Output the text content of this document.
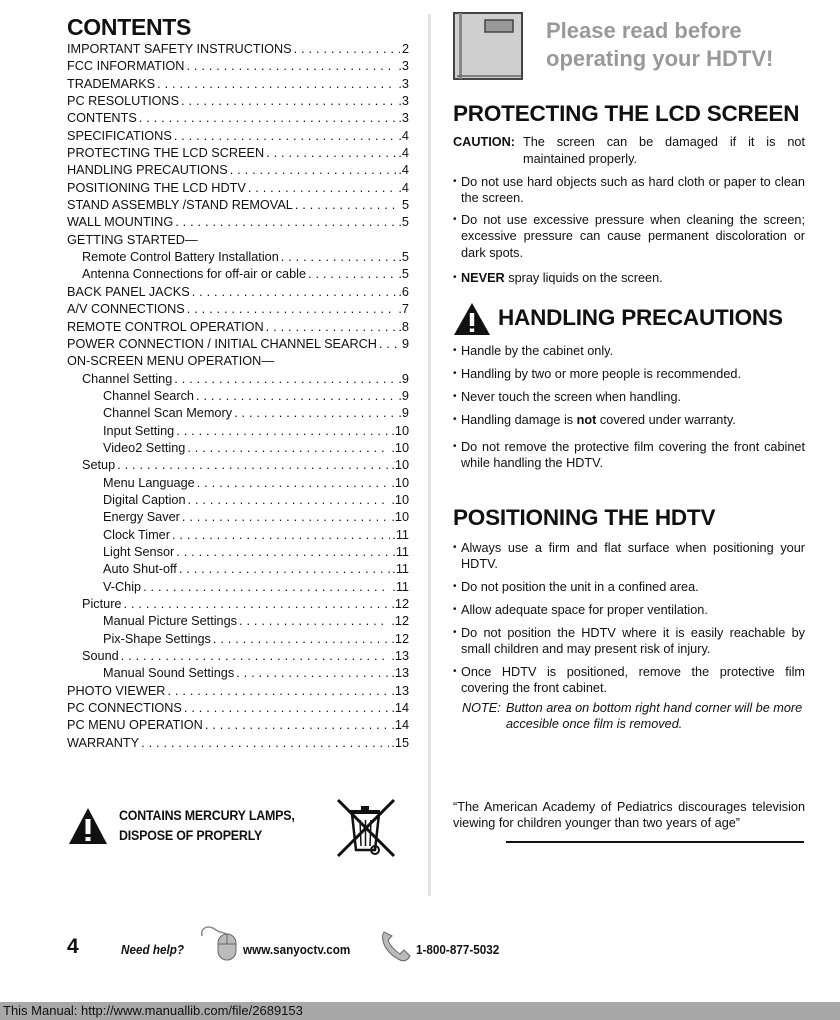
CONTENTS
IMPORTANT SAFETY INSTRUCTIONS . . .	2
FCC INFORMATION . . .	.3
TRADEMARKS . . .	.3
PC RESOLUTIONS . . .	.3
CONTENTS . . .	.3
SPECIFICATIONS . . .	.4
PROTECTING THE LCD SCREEN . . .	.4
HANDLING PRECAUTIONS . . .	.4
POSITIONING THE LCD HDTV . . .	.4
STAND ASSEMBLY /STAND REMOVAL . . .	5
WALL MOUNTING . . .	.5
GETTING STARTED—
Remote Control Battery Installation . . .	.5
Antenna Connections for off-air or cable . . .	.5
BACK PANEL JACKS . . .	.6
A/V CONNECTIONS . . .	.7
REMOTE CONTROL OPERATION . . .	.8
POWER CONNECTION / INITIAL CHANNEL SEARCH . . . 9
ON-SCREEN MENU OPERATION—
Channel Setting . . .	.9
Channel Search . . .	.9
Channel Scan Memory . . .	.9
Input Setting . . .	.10
Video2 Setting . . .	.10
Setup . . .	.10
Menu Language . . .	.10
Digital Caption . . .	.10
Energy Saver . . .	.10
Clock Timer . . .	.11
Light Sensor . . .	.11
Auto Shut-off . . .	.11
V-Chip . . .	.11
Picture . . .	.12
Manual Picture Settings . . .	.12
Pix-Shape Settings . . .	.12
Sound . . .	.13
Manual Sound Settings . . .	.13
PHOTO VIEWER . . .	.13
PC CONNECTIONS . . .	.14
PC MENU OPERATION . . .	.14
WARRANTY . . .	.15
CONTAINS MERCURY LAMPS,
DISPOSE OF PROPERLY
Please read before
operating your HDTV!
PROTECTING THE LCD SCREEN
CAUTION: The screen can be damaged if it is not
maintained properly.
• Do not use hard objects such as hard cloth or paper to clean the screen.
• Do not use excessive pressure when cleaning the screen; excessive pressure can cause permanent discoloration or dark spots.
• NEVER spray liquids on the screen.
HANDLING PRECAUTIONS
• Handle by the cabinet only.
• Handling by two or more people is recommended.
• Never touch the screen when handling.
• Handling damage is not covered under warranty.
• Do not remove the protective film covering the front cabinet while handling the HDTV.
POSITIONING THE HDTV
• Always use a firm and flat surface when positioning your HDTV.
• Do not position the unit in a confined area.
• Allow adequate space for proper ventilation.
• Do not position the HDTV where it is easily reachable by small children and may present risk of injury.
• Once HDTV is positioned, remove the protective film covering the front cabinet.
NOTE: Button area on bottom right hand corner will be more accesible once film is removed.
“The American Academy of Pediatrics discourages television viewing for children younger than two years of age”
4	Need help?	www.sanyoctv.com	1-800-877-5032
This Manual: http://www.manuallib.com/file/2689153
